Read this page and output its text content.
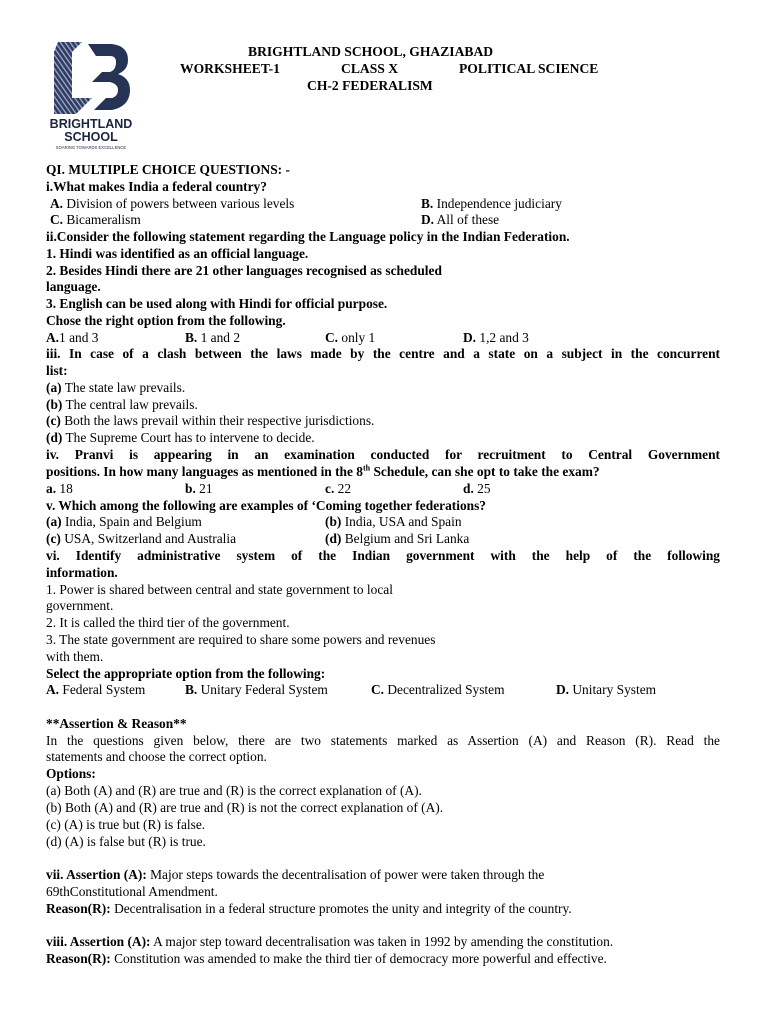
BRIGHTLAND
SCHOOL
SOARING TOWARDS EXCELLENCE
BRIGHTLAND SCHOOL, GHAZIABAD
WORKSHEET-1	CLASS X	POLITICAL SCIENCE
CH-2 FEDERALISM
QI. MULTIPLE CHOICE QUESTIONS: -
i.What makes India a federal country?
A. Division of powers between various levels	B. Independence judiciary
C. Bicameralism	D. All of these
ii.Consider the following statement regarding the Language policy in the Indian Federation.
1. Hindi was identified as an official language.
2. Besides Hindi there are 21 other languages recognised as scheduled
language.
3. English can be used along with Hindi for official purpose.
Chose the right option from the following.
A.1 and 3	B. 1 and 2	C. only 1	D. 1,2 and 3
iii. In case of a clash between the laws made by the centre and a state on a subject in the concurrent
list:
(a) The state law prevails.
(b) The central law prevails.
(c) Both the laws prevail within their respective jurisdictions.
(d) The Supreme Court has to intervene to decide.
iv. Pranvi is appearing in an examination conducted for recruitment to Central Government
positions. In how many languages as mentioned in the 8th Schedule, can she opt to take the exam?
a. 18	b. 21	c. 22	d. 25
v. Which among the following are examples of ‘Coming together federations?
(a) India, Spain and Belgium	(b) India, USA and Spain
(c) USA, Switzerland and Australia	(d) Belgium and Sri Lanka
vi. Identify administrative system of the Indian government with the help of the following
information.
1. Power is shared between central and state government to local
government.
2. It is called the third tier of the government.
3. The state government are required to share some powers and revenues
with them.
Select the appropriate option from the following:
A. Federal System	B. Unitary Federal System	C. Decentralized System	D. Unitary System
**Assertion & Reason**
In the questions given below, there are two statements marked as Assertion (A) and Reason (R). Read the
statements and choose the correct option.
Options:
(a) Both (A) and (R) are true and (R) is the correct explanation of (A).
(b) Both (A) and (R) are true and (R) is not the correct explanation of (A).
(c) (A) is true but (R) is false.
(d) (A) is false but (R) is true.
vii. Assertion (A): Major steps towards the decentralisation of power were taken through the
69thConstitutional Amendment.
Reason(R): Decentralisation in a federal structure promotes the unity and integrity of the country.
viii. Assertion (A): A major step toward decentralisation was taken in 1992 by amending the constitution.
Reason(R): Constitution was amended to make the third tier of democracy more powerful and effective.
